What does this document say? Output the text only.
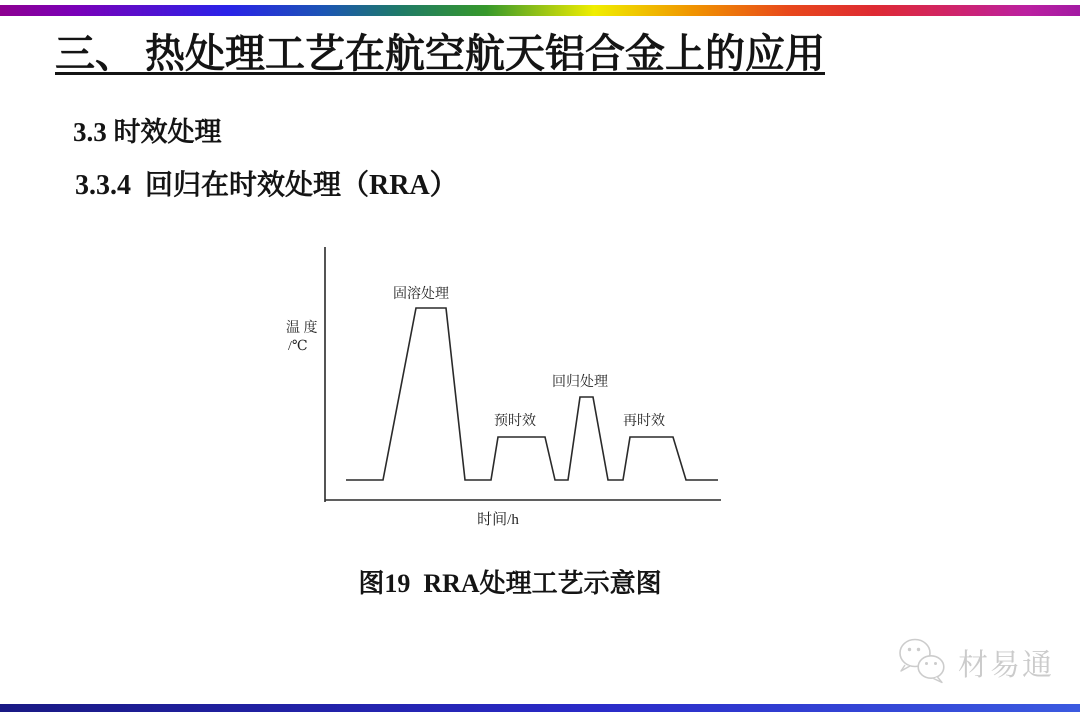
三、 热处理工艺在航空航天铝合金上的应用
3.3 时效处理
3.3.4  回归在时效处理（RRA）
固溶处理
预时效
回归处理
再时效
温 度
/℃
时间/h
图19  RRA处理工艺示意图
材易通
